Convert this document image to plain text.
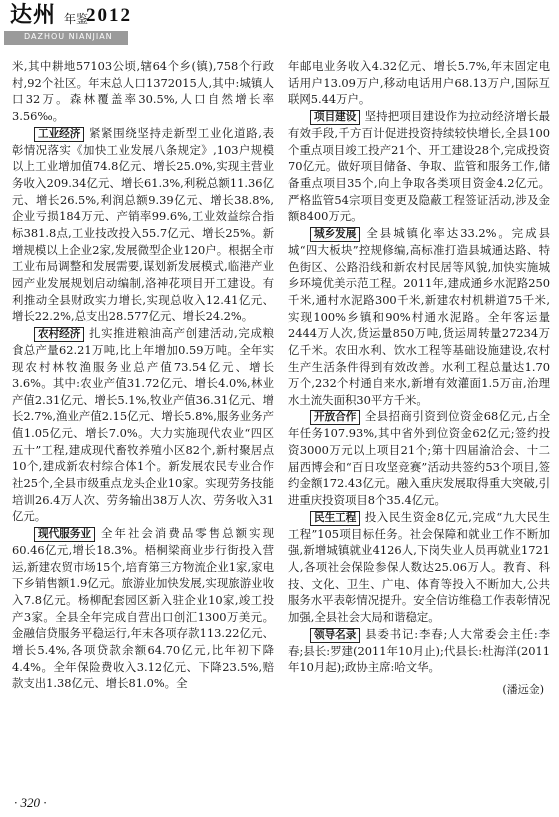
达州 年鉴
2012
DAZHOU NIANJIAN

米,其中耕地57103公顷,辖64个乡(镇),758个行政村,92个社区。年末总人口1372015人,其中:城镇人口32万。森林覆盖率30.5%,人口自然增长率3.56‰。

工业经济 紧紧围绕坚持走新型工业化道路,表彰情况落实《加快工业发展八条规定》,103户规模以上工业增加值74.8亿元、增长25.0%,实现主营业务收入209.34亿元、增长61.3%,利税总额11.36亿元、增长26.5%,利润总额9.39亿元、增长38.8%,企业亏损184万元、产销率99.6%,工业效益综合指标381.8点,工业技改投入55.7亿元、增长25%。新增规模以上企业2家,发展微型企业120户。根据全市工业布局调整和发展需要,谋划新发展模式,临港产业园产业发展规划启动编制,洛神花项目开工建设。有利推动全县财政实力增长,实现总收入12.41亿元、增长22.2%,总支出28.577亿元、增长24.2%。

农村经济 扎实推进粮油高产创建活动,完成粮食总产量62.21万吨,比上年增加0.59万吨。全年实现农村林牧渔服务业总产值73.54亿元、增长3.6%。其中:农业产值31.72亿元、增长4.0%,林业产值2.31亿元、增长5.1%,牧业产值36.31亿元、增长2.7%,渔业产值2.15亿元、增长5.8%,服务业务产值1.05亿元、增长7.0%。大力实施现代农业“四区五十”工程,建成现代畜牧养殖小区82个,新村聚居点10个,建成新农村综合体1个。新发展农民专业合作社25个,全县市级重点龙头企业10家。实现劳务技能培训26.4万人次、劳务输出38万人次、劳务收入31亿元。

现代服务业 全年社会消费品零售总额实现60.46亿元,增长18.3%。梧桐梁商业步行街投入营运,新建农贸市场15个,培育第三方物流企业1家,家电下乡销售额1.9亿元。旅游业加快发展,实现旅游业收入7.8亿元。杨柳配套园区新入驻企业10家,竣工投产3家。全县全年完成自营出口创汇1300万美元。金融信贷服务平稳运行,年末各项存款113.22亿元、增长5.4%,各项贷款余额64.70亿元,比年初下降4.4%。全年保险费收入3.12亿元、下降23.5%,赔款支出1.38亿元、增长81.0%。全

年邮电业务收入4.32亿元、增长5.7%,年末固定电话用户13.09万户,移动电话用户68.13万户,国际互联网5.44万户。

项目建设 坚持把项目建设作为拉动经济增长最有效手段,千方百计促进投资持续较快增长,全县100个重点项目竣工投产21个、开工建设28个,完成投资70亿元。做好项目储备、争取、监管和服务工作,储备重点项目35个,向上争取各类项目资金4.2亿元。严格监管54宗项目变更及隐蔽工程签证活动,涉及金额8400万元。

城乡发展 全县城镇化率达33.2%。完成县城“四大板块”控规修编,高标准打造县城通达路、特色街区、公路沿线和新农村民居等风貌,加快实施城乡环境优美示范工程。2011年,建成通乡水泥路250千米,通村水泥路300千米,新建农村机耕道75千米,实现100%乡镇和90%村通水泥路。全年客运量2444万人次,货运量850万吨,货运周转量27234万亿千米。农田水利、饮水工程等基础设施建设,农村生产生活条件得到有效改善。水利工程总量达1.70万个,232个村通自来水,新增有效灌面1.5万亩,治理水土流失面积30平方千米。

开放合作 全县招商引资到位资金68亿元,占全年任务107.93%,其中省外到位资金62亿元;签约投资3000万元以上项目21个;第十四届渝洽会、十二届西博会和“百日攻坚竞赛”活动共签约53个项目,签约金额172.43亿元。融入重庆发展取得重大突破,引进重庆投资项目8个35.4亿元。

民生工程 投入民生资金8亿元,完成“九大民生工程”105项目标任务。社会保障和就业工作不断加强,新增城镇就业4126人,下岗失业人员再就业1721人,各项社会保险参保人数达25.06万人。教育、科技、文化、卫生、广电、体育等投入不断加大,公共服务水平表彰情况提升。安全信访维稳工作表彰情况加强,全县社会大局和谐稳定。

领导名录 县委书记:李春;人大常委会主任:李春;县长:罗建(2011年10月止);代县长:杜海洋(2011年10月起);政协主席:哈文华。

(潘远金)

· 320 ·
